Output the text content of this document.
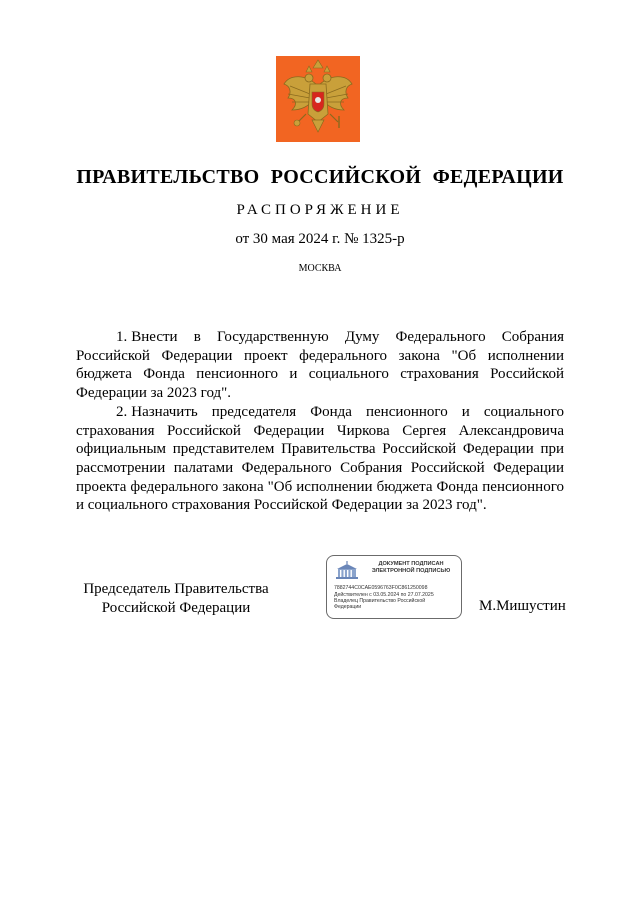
ПРАВИТЕЛЬСТВО РОССИЙСКОЙ ФЕДЕРАЦИИ
РАСПОРЯЖЕНИЕ
от 30 мая 2024 г. № 1325-р
МОСКВА

1. Внести в Государственную Думу Федерального Собрания Российской Федерации проект федерального закона "Об исполнении бюджета Фонда пенсионного и социального страхования Российской Федерации за 2023 год".

2. Назначить председателя Фонда пенсионного и социального страхования Российской Федерации Чиркова Сергея Александровича официальным представителем Правительства Российской Федерации при рассмотрении палатами Федерального Собрания Российской Федерации проекта федерального закона "Об исполнении бюджета Фонда пенсионного и социального страхования Российской Федерации за 2023 год".

Председатель Правительства
Российской Федерации
ДОКУМЕНТ ПОДПИСАН
ЭЛЕКТРОННОЙ ПОДПИСЬЮ
7882744C0CAE0596763F0C861250098
Действителен с 03.05.2024 по 27.07.2025
Владелец Правительство Российской
Федерации	М.Мишустин
